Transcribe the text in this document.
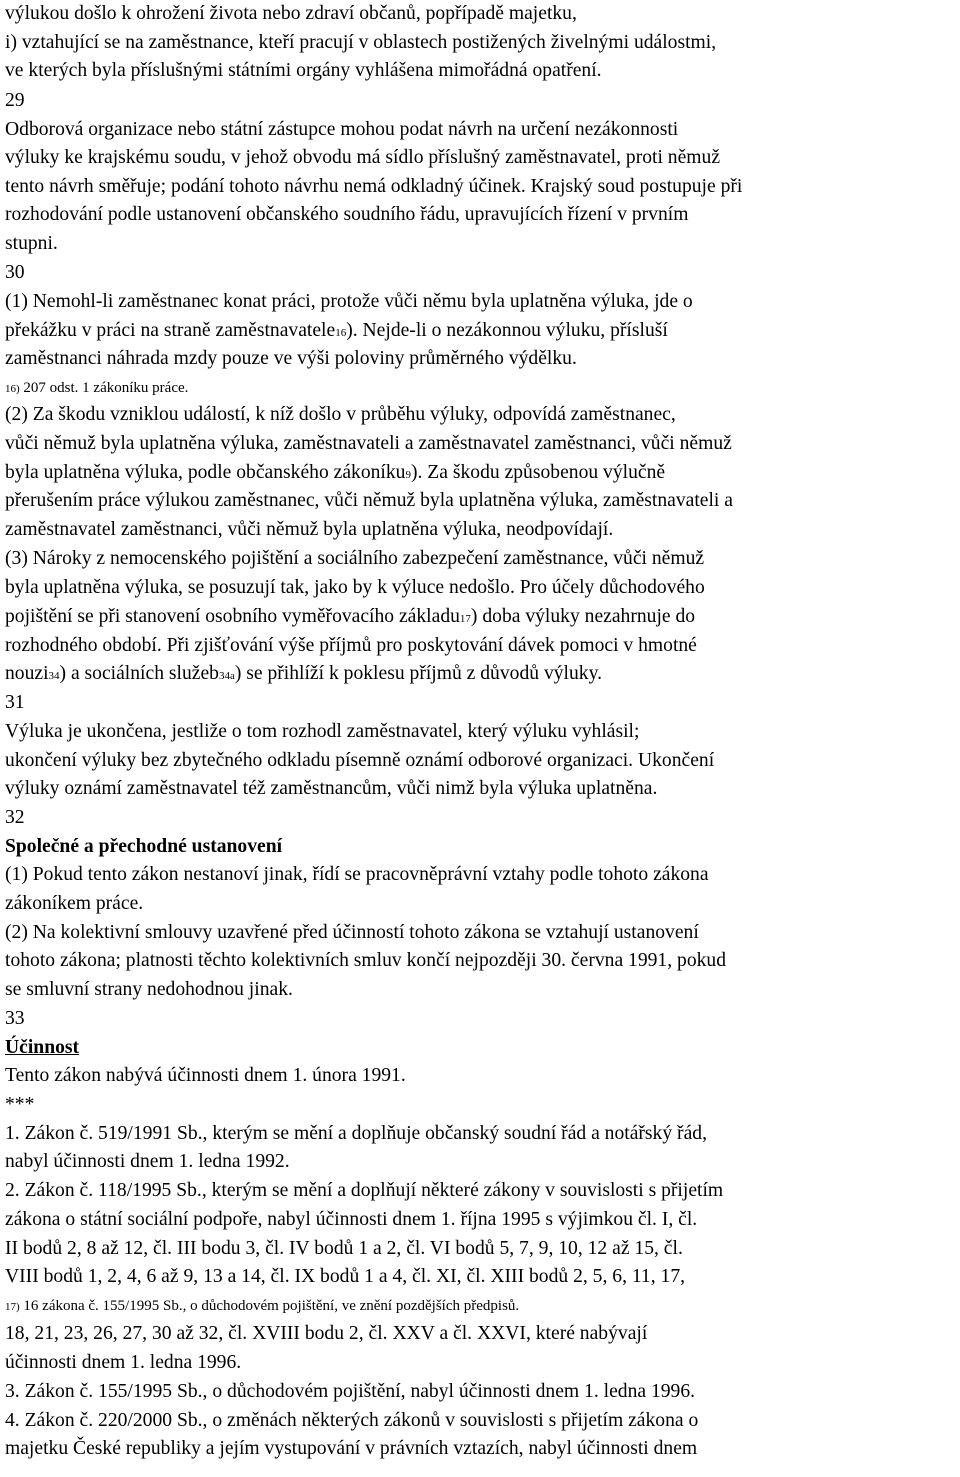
výlukou došlo k ohrožení života nebo zdraví občanů, popřípadě majetku,
i) vztahující se na zaměstnance, kteří pracují v oblastech postižených živelnými událostmi,
ve kterých byla příslušnými státními orgány vyhlášena mimořádná opatření.
29
Odborová organizace nebo státní zástupce mohou podat návrh na určení nezákonnosti
výluky ke krajskému soudu, v jehož obvodu má sídlo příslušný zaměstnavatel, proti němuž
tento návrh směřuje; podání tohoto návrhu nemá odkladný účinek. Krajský soud postupuje při
rozhodování podle ustanovení občanského soudního řádu, upravujících řízení v prvním
stupni.
30
(1) Nemohl-li zaměstnanec konat práci, protože vůči němu byla uplatněna výluka, jde o
překážku v práci na straně zaměstnavatele16). Nejde-li o nezákonnou výluku, přísluší
zaměstnanci náhrada mzdy pouze ve výši poloviny průměrného výdělku.
16) 207 odst. 1 zákoníku práce.
(2) Za škodu vzniklou událostí, k níž došlo v průběhu výluky, odpovídá zaměstnanec,
vůči němuž byla uplatněna výluka, zaměstnavateli a zaměstnavatel zaměstnanci, vůči němuž
byla uplatněna výluka, podle občanského zákoníku9). Za škodu způsobenou výlučně
přerušením práce výlukou zaměstnanec, vůči němuž byla uplatněna výluka, zaměstnavateli a
zaměstnavatel zaměstnanci, vůči němuž byla uplatněna výluka, neodpovídají.
(3) Nároky z nemocenského pojištění a sociálního zabezpečení zaměstnance, vůči němuž
byla uplatněna výluka, se posuzují tak, jako by k výluce nedošlo. Pro účely důchodového
pojištění se při stanovení osobního vyměřovacího základu17) doba výluky nezahrnuje do
rozhodného období. Při zjišťování výše příjmů pro poskytování dávek pomoci v hmotné
nouzi34) a sociálních služeb34a) se přihlíží k poklesu příjmů z důvodů výluky.
31
Výluka je ukončena, jestliže o tom rozhodl zaměstnavatel, který výluku vyhlásil;
ukončení výluky bez zbytečného odkladu písemně oznámí odborové organizaci. Ukončení
výluky oznámí zaměstnavatel též zaměstnancům, vůči nimž byla výluka uplatněna.
32
Společné a přechodné ustanovení
(1) Pokud tento zákon nestanoví jinak, řídí se pracovněprávní vztahy podle tohoto zákona
zákoníkem práce.
(2) Na kolektivní smlouvy uzavřené před účinností tohoto zákona se vztahují ustanovení
tohoto zákona; platnosti těchto kolektivních smluv končí nejpozději 30. června 1991, pokud
se smluvní strany nedohodnou jinak.
33
Účinnost
Tento zákon nabývá účinnosti dnem 1. února 1991.
***
1. Zákon č. 519/1991 Sb., kterým se mění a doplňuje občanský soudní řád a notářský řád,
nabyl účinnosti dnem 1. ledna 1992.
2. Zákon č. 118/1995 Sb., kterým se mění a doplňují některé zákony v souvislosti s přijetím
zákona o státní sociální podpoře, nabyl účinnosti dnem 1. října 1995 s výjimkou čl. I, čl.
II bodů 2, 8 až 12, čl. III bodu 3, čl. IV bodů 1 a 2, čl. VI bodů 5, 7, 9, 10, 12 až 15, čl.
VIII bodů 1, 2, 4, 6 až 9, 13 a 14, čl. IX bodů 1 a 4, čl. XI, čl. XIII bodů 2, 5, 6, 11, 17,
17) 16 zákona č. 155/1995 Sb., o důchodovém pojištění, ve znění pozdějších předpisů.
18, 21, 23, 26, 27, 30 až 32, čl. XVIII bodu 2, čl. XXV a čl. XXVI, které nabývají
účinnosti dnem 1. ledna 1996.
3. Zákon č. 155/1995 Sb., o důchodovém pojištění, nabyl účinnosti dnem 1. ledna 1996.
4. Zákon č. 220/2000 Sb., o změnách některých zákonů v souvislosti s přijetím zákona o
majetku České republiky a jejím vystupování v právních vztazích, nabyl účinnosti dnem
